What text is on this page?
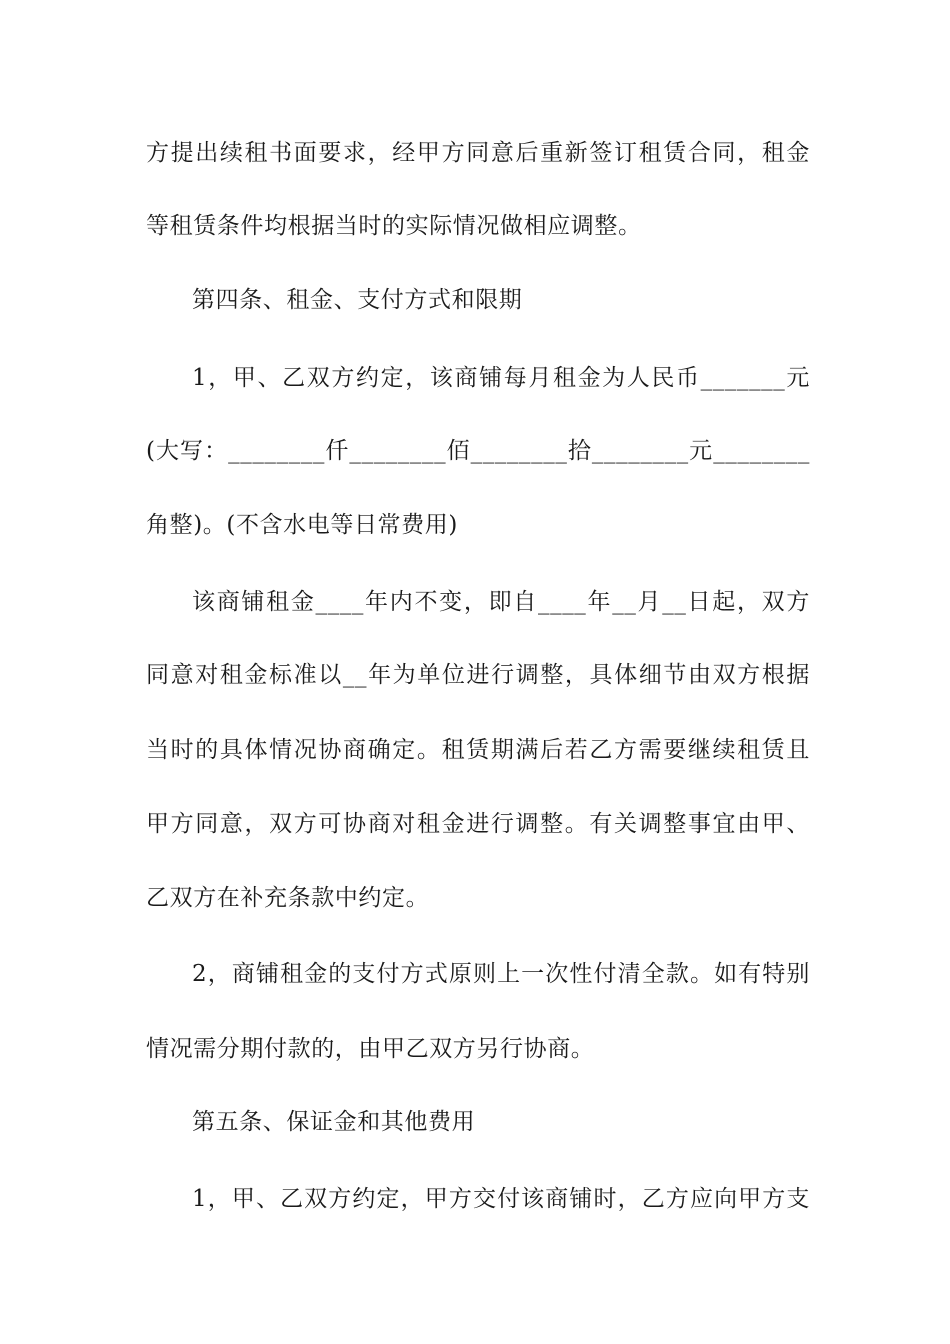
方提出续租书面要求，经甲方同意后重新签订租赁合同，租金
等租赁条件均根据当时的实际情况做相应调整。
第四条、租金、支付方式和限期
1，甲、乙双方约定，该商铺每月租金为人民币_______元
(大写：________仟________佰________拾________元________
角整)。(不含水电等日常费用)
该商铺租金____年内不变，即自____年__月__日起，双方
同意对租金标准以__年为单位进行调整，具体细节由双方根据
当时的具体情况协商确定。租赁期满后若乙方需要继续租赁且
甲方同意，双方可协商对租金进行调整。有关调整事宜由甲、
乙双方在补充条款中约定。
2，商铺租金的支付方式原则上一次性付清全款。如有特别
情况需分期付款的，由甲乙双方另行协商。
第五条、保证金和其他费用
1，甲、乙双方约定，甲方交付该商铺时，乙方应向甲方支
